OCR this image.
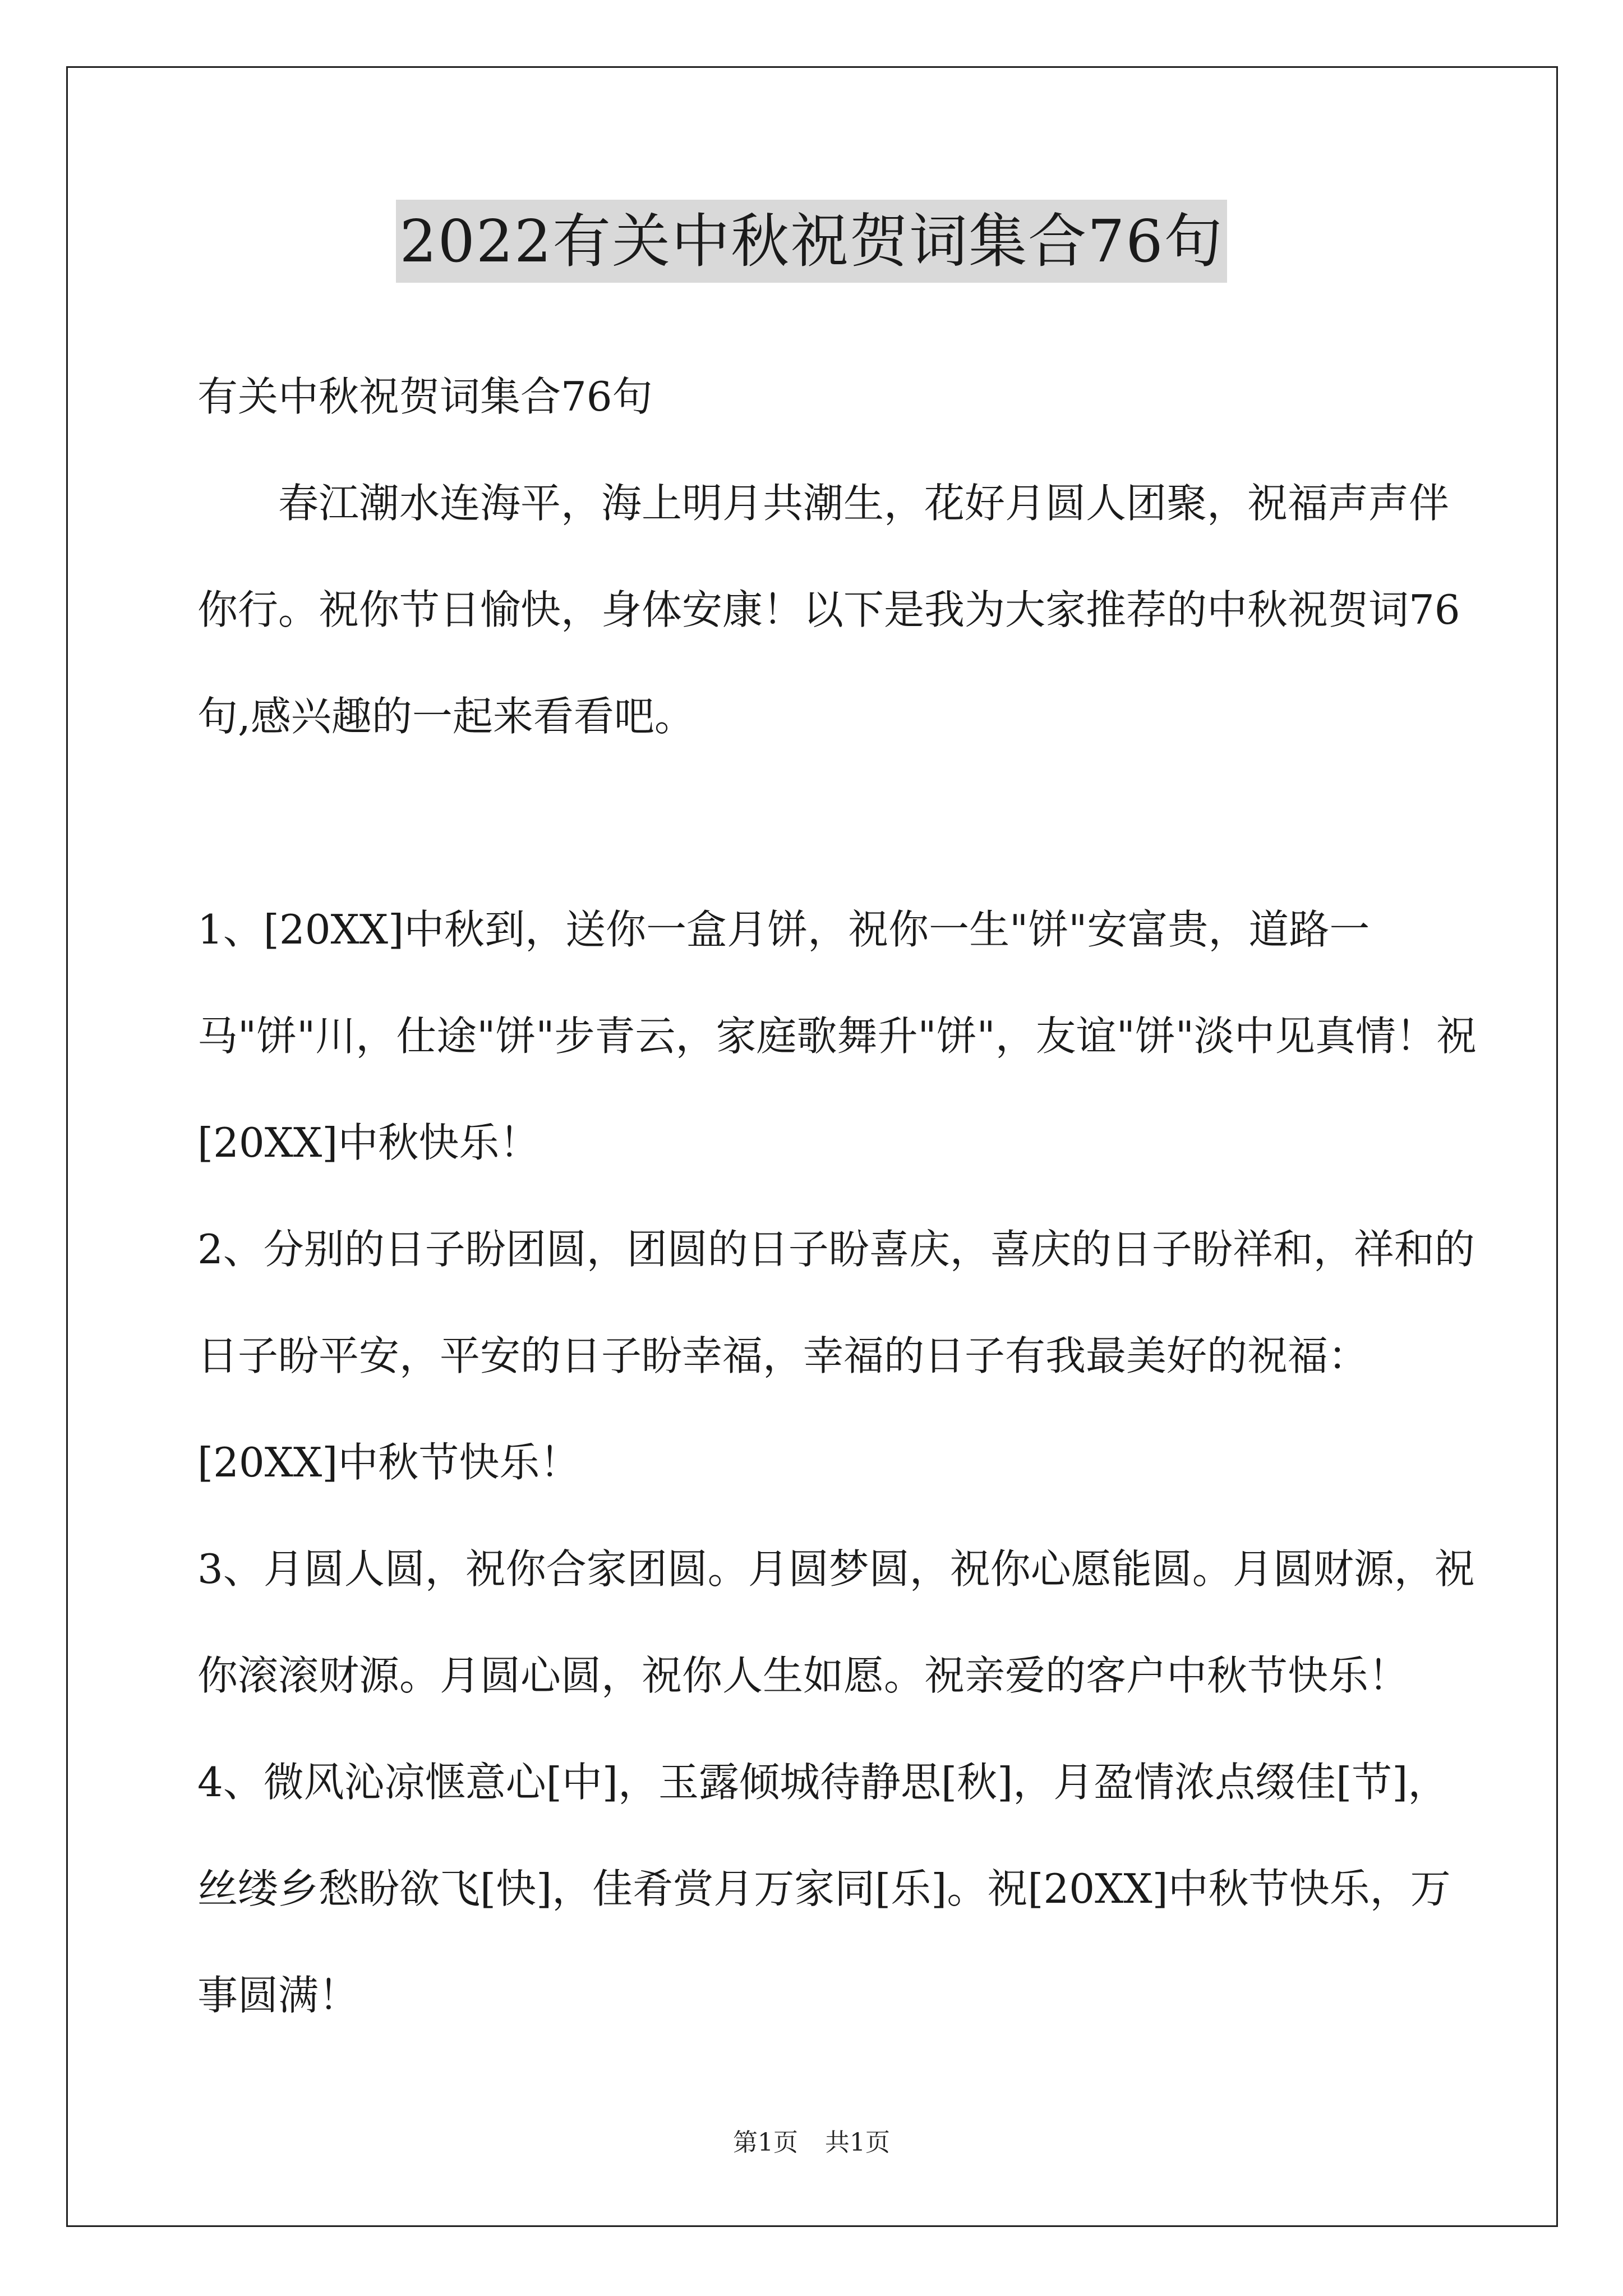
2022有关中秋祝贺词集合76句

有关中秋祝贺词集合76句

春江潮水连海平，海上明月共潮生，花好月圆人团聚，祝福声声伴你行。祝你节日愉快，身体安康！以下是我为大家推荐的中秋祝贺词76句,感兴趣的一起来看看吧。

1、[20XX]中秋到，送你一盒月饼，祝你一生"饼"安富贵，道路一马"饼"川，仕途"饼"步青云，家庭歌舞升"饼"，友谊"饼"淡中见真情！祝[20XX]中秋快乐！

2、分别的日子盼团圆，团圆的日子盼喜庆，喜庆的日子盼祥和，祥和的日子盼平安，平安的日子盼幸福，幸福的日子有我最美好的祝福：[20XX]中秋节快乐！

3、月圆人圆，祝你合家团圆。月圆梦圆，祝你心愿能圆。月圆财源，祝你滚滚财源。月圆心圆，祝你人生如愿。祝亲爱的客户中秋节快乐！

4、微风沁凉惬意心[中]，玉露倾城待静思[秋]，月盈情浓点缀佳[节]，丝缕乡愁盼欲飞[快]，佳肴赏月万家同[乐]。祝[20XX]中秋节快乐，万事圆满！

第1页 共1页
